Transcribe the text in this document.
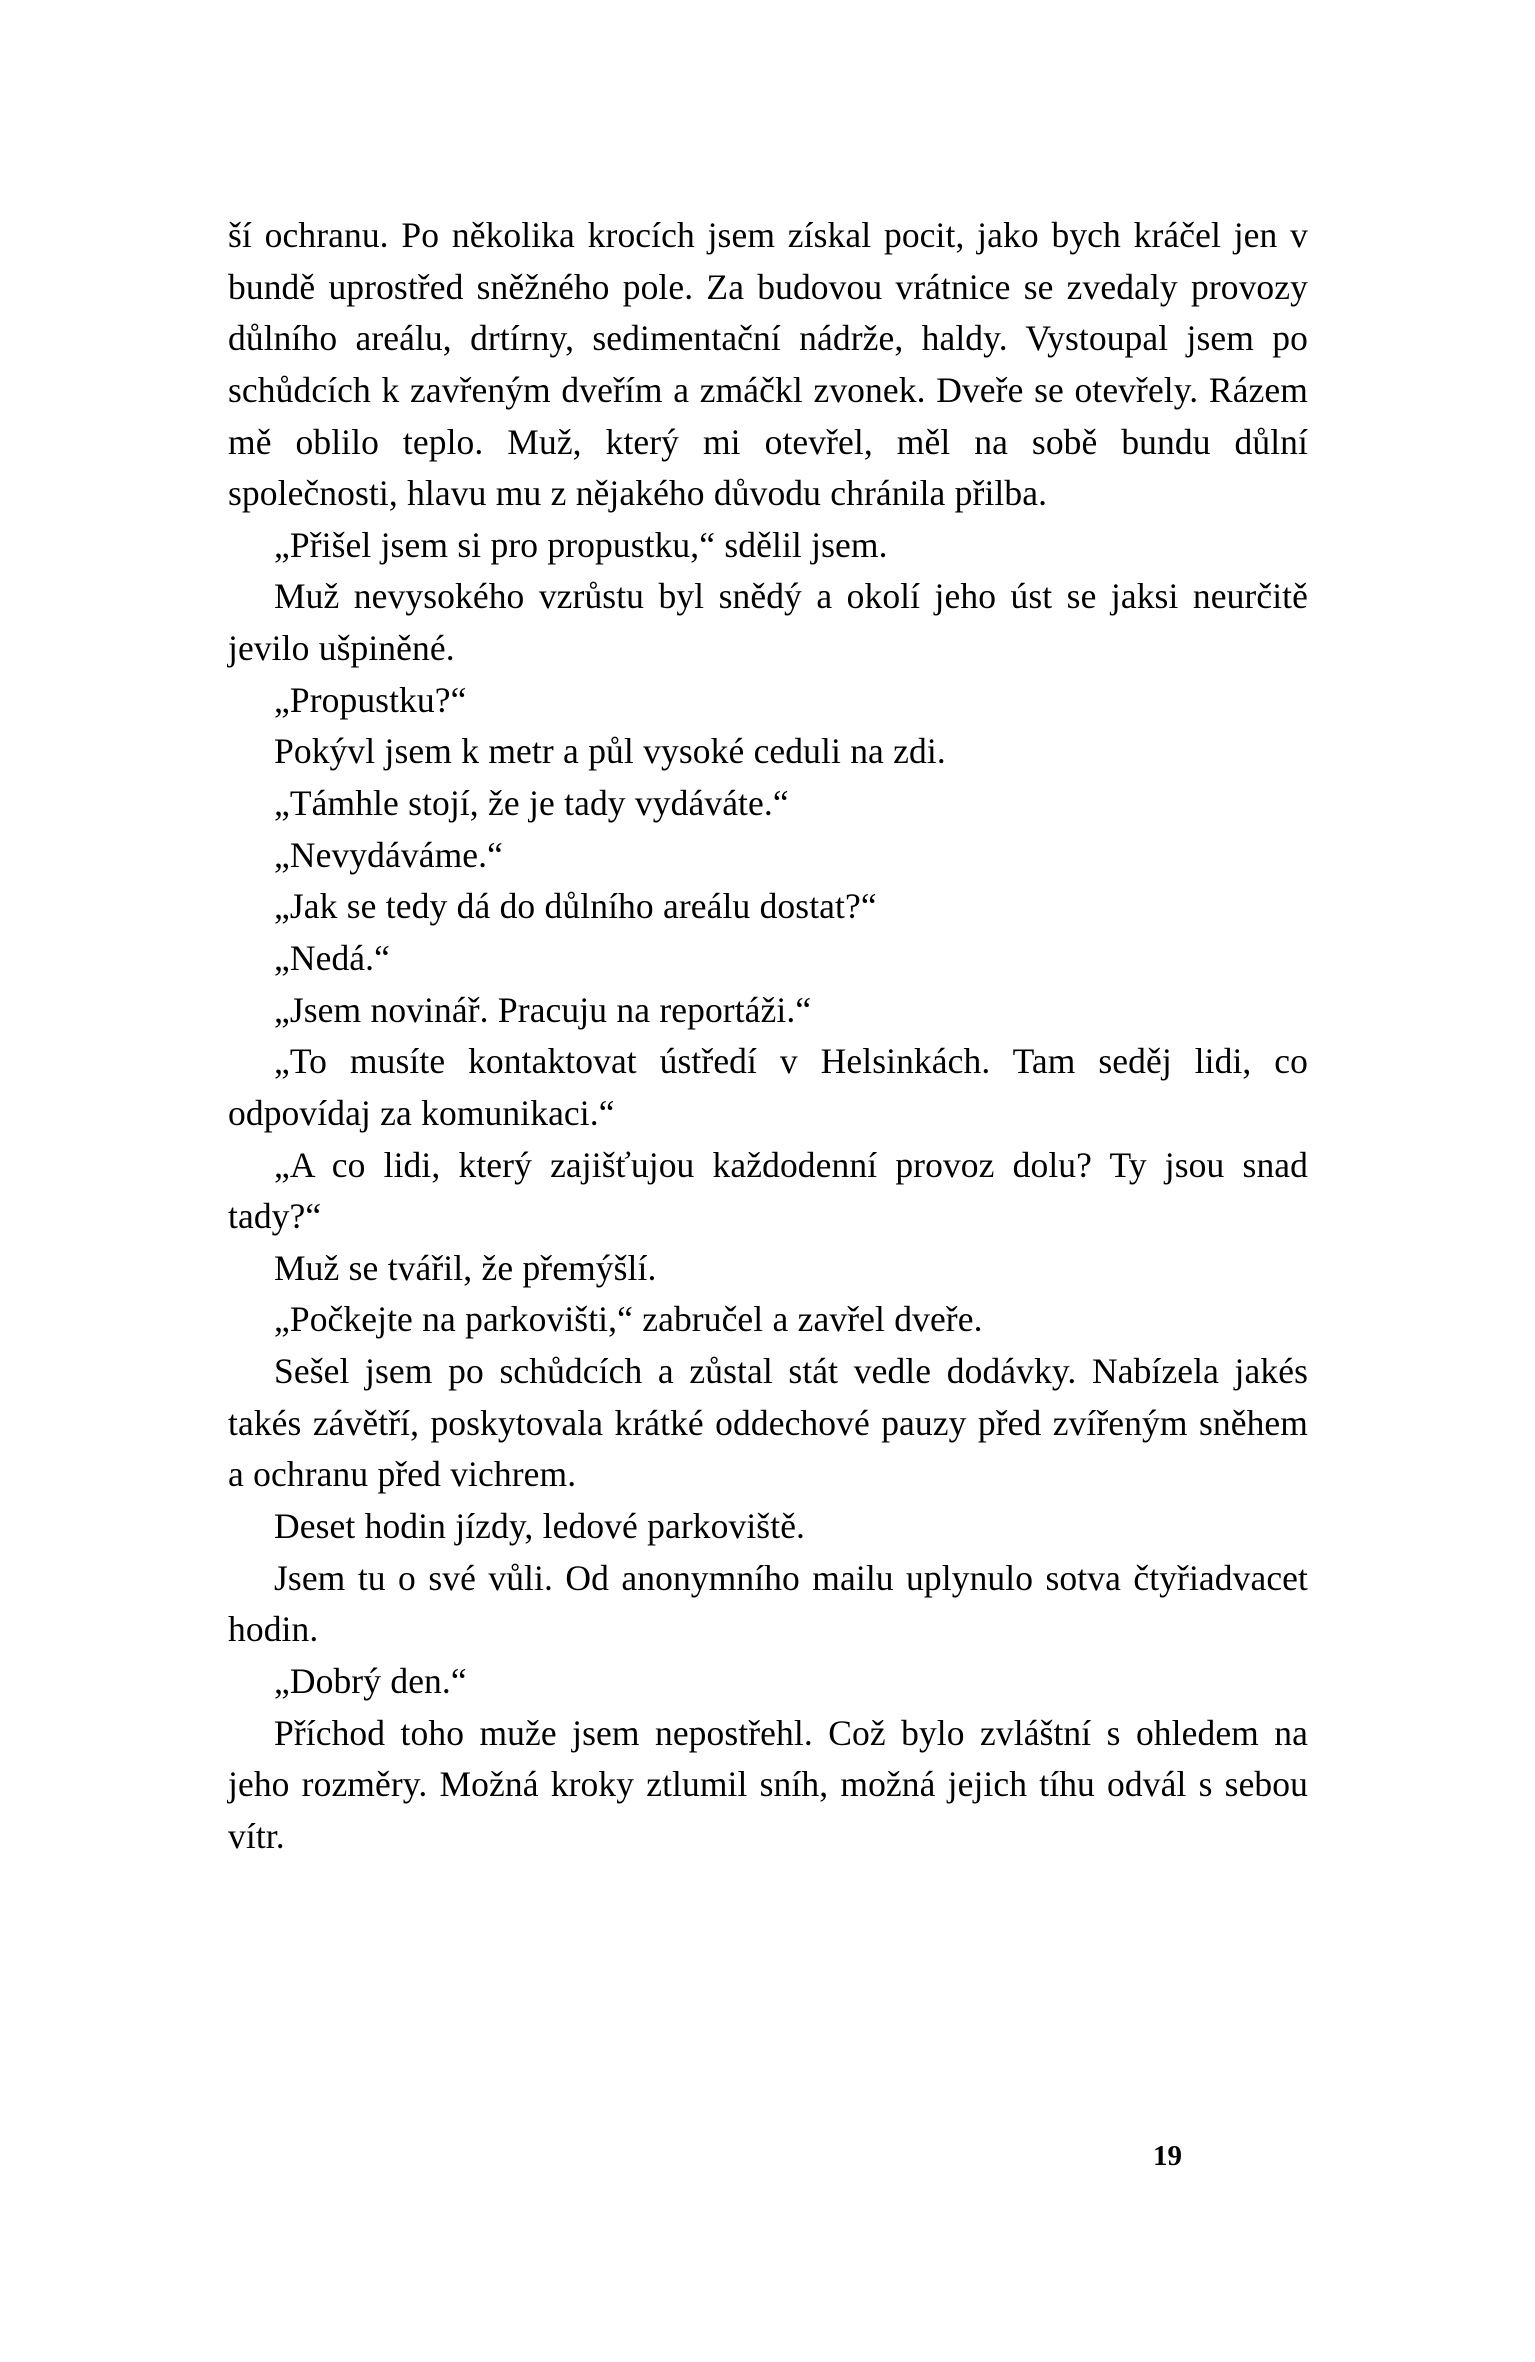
ší ochranu. Po několika krocích jsem získal pocit, jako bych kráčel jen v bundě uprostřed sněžného pole. Za budovou vrátnice se zvedaly provozy důlního areálu, drtírny, sedimentační nádrže, haldy. Vystoupal jsem po schůdcích k zavřeným dveřím a zmáčkl zvonek. Dveře se otevřely. Rázem mě oblilo teplo. Muž, který mi otevřel, měl na sobě bundu důlní společnosti, hlavu mu z nějakého důvodu chránila přilba.

„Přišel jsem si pro propustku,“ sdělil jsem.

Muž nevysokého vzrůstu byl snědý a okolí jeho úst se jaksi neurčitě jevilo ušpiněné.

„Propustku?“

Pokývl jsem k metr a půl vysoké ceduli na zdi.

„Támhle stojí, že je tady vydáváte.“

„Nevydáváme.“

„Jak se tedy dá do důlního areálu dostat?“

„Nedá.“

„Jsem novinář. Pracuju na reportáži.“

„To musíte kontaktovat ústředí v Helsinkách. Tam seděj lidi, co odpovídaj za komunikaci.“

„A co lidi, který zajišťujou každodenní provoz dolu? Ty jsou snad tady?“

Muž se tvářil, že přemýšlí.

„Počkejte na parkovišti,“ zabručel a zavřel dveře.

Sešel jsem po schůdcích a zůstal stát vedle dodávky. Nabízela jakés takés závětří, poskytovala krátké oddechové pauzy před zvířeným sněhem a ochranu před vichrem.

Deset hodin jízdy, ledové parkoviště.

Jsem tu o své vůli. Od anonymního mailu uplynulo sotva čtyřiadvacet hodin.

„Dobrý den.“

Příchod toho muže jsem nepostřehl. Což bylo zvláštní s ohledem na jeho rozměry. Možná kroky ztlumil sníh, možná jejich tíhu odvál s sebou vítr.

19
